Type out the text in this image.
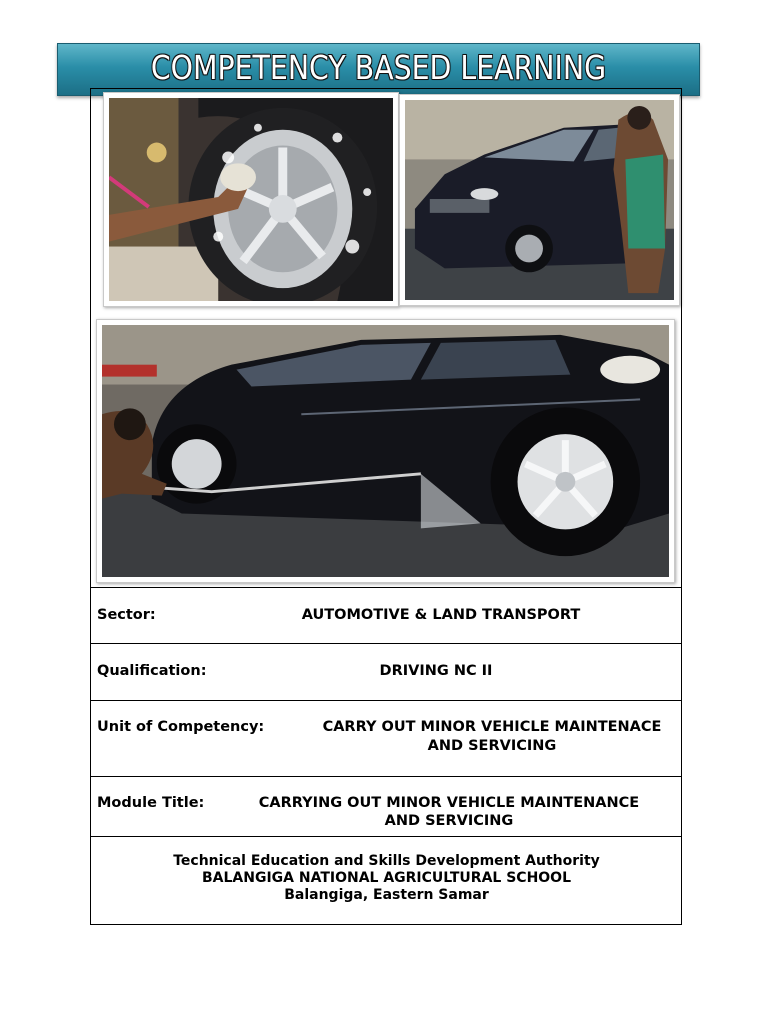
COMPETENCY BASED LEARNING
Sector:	AUTOMOTIVE & LAND TRANSPORT
Qualification:	DRIVING NC II
Unit of Competency:	CARRY OUT MINOR VEHICLE MAINTENACE
AND SERVICING
Module Title:	CARRYING OUT MINOR VEHICLE MAINTENANCE
AND SERVICING
Technical Education and Skills Development Authority
BALANGIGA NATIONAL AGRICULTURAL SCHOOL
Balangiga, Eastern Samar
